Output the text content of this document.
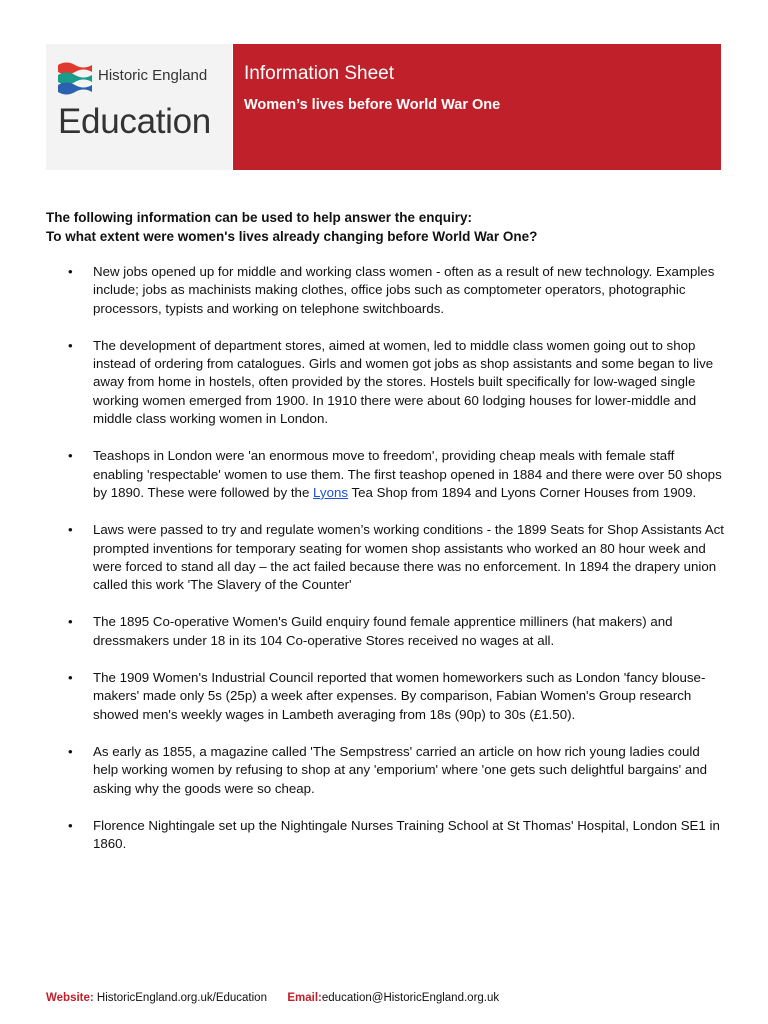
Historic England
Education
Information Sheet
Women’s lives before World War One
The following information can be used to help answer the enquiry:
To what extent were women's lives already changing before World War One?
• New jobs opened up for middle and working class women - often as a result of new technology. Examples include; jobs as machinists making clothes, office jobs such as comptometer operators, photographic processors, typists and working on telephone switchboards.
• The development of department stores, aimed at women, led to middle class women going out to shop instead of ordering from catalogues. Girls and women got jobs as shop assistants and some began to live away from home in hostels, often provided by the stores. Hostels built specifically for low-waged single working women emerged from 1900. In 1910 there were about 60 lodging houses for lower-middle and middle class working women in London.
• Teashops in London were 'an enormous move to freedom', providing cheap meals with female staff enabling 'respectable' women to use them. The first teashop opened in 1884 and there were over 50 shops by 1890. These were followed by the Lyons Tea Shop from 1894 and Lyons Corner Houses from 1909.
• Laws were passed to try and regulate women’s working conditions - the 1899 Seats for Shop Assistants Act prompted inventions for temporary seating for women shop assistants who worked an 80 hour week and were forced to stand all day – the act failed because there was no enforcement. In 1894 the drapery union called this work 'The Slavery of the Counter'
• The 1895 Co-operative Women's Guild enquiry found female apprentice milliners (hat makers) and dressmakers under 18 in its 104 Co-operative Stores received no wages at all.
• The 1909 Women's Industrial Council reported that women homeworkers such as London 'fancy blouse-makers' made only 5s (25p) a week after expenses. By comparison, Fabian Women's Group research showed men's weekly wages in Lambeth averaging from 18s (90p) to 30s (£1.50).
• As early as 1855, a magazine called 'The Sempstress' carried an article on how rich young ladies could help working women by refusing to shop at any 'emporium' where 'one gets such delightful bargains' and asking why the goods were so cheap.
• Florence Nightingale set up the Nightingale Nurses Training School at St Thomas' Hospital, London SE1 in 1860.
Website: HistoricEngland.org.uk/Education Email:education@HistoricEngland.org.uk
